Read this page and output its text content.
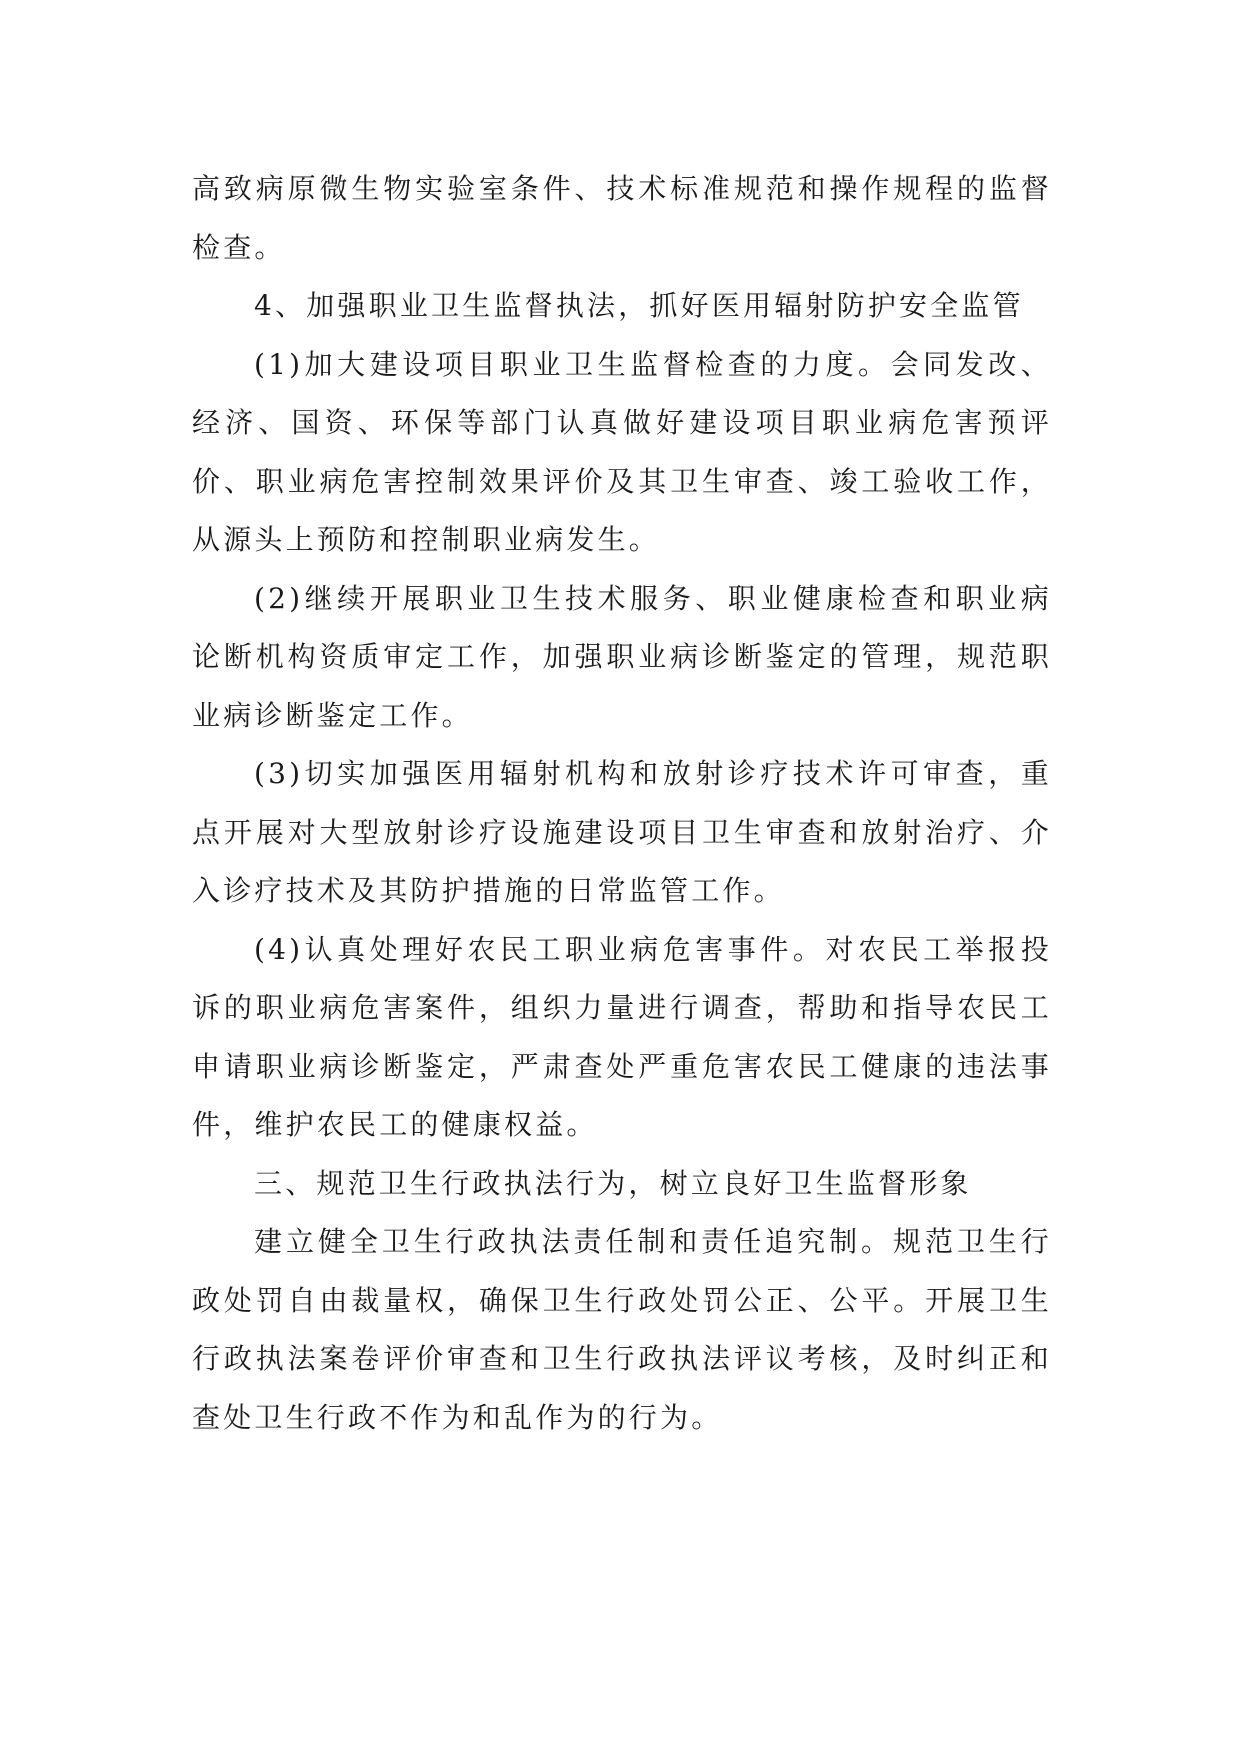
高致病原微生物实验室条件、技术标准规范和操作规程的监督检查。

4、加强职业卫生监督执法，抓好医用辐射防护安全监管

(1)加大建设项目职业卫生监督检查的力度。会同发改、经济、国资、环保等部门认真做好建设项目职业病危害预评价、职业病危害控制效果评价及其卫生审查、竣工验收工作，从源头上预防和控制职业病发生。

(2)继续开展职业卫生技术服务、职业健康检查和职业病论断机构资质审定工作，加强职业病诊断鉴定的管理，规范职业病诊断鉴定工作。

(3)切实加强医用辐射机构和放射诊疗技术许可审查，重点开展对大型放射诊疗设施建设项目卫生审查和放射治疗、介入诊疗技术及其防护措施的日常监管工作。

(4)认真处理好农民工职业病危害事件。对农民工举报投诉的职业病危害案件，组织力量进行调查，帮助和指导农民工申请职业病诊断鉴定，严肃查处严重危害农民工健康的违法事件，维护农民工的健康权益。

三、规范卫生行政执法行为，树立良好卫生监督形象

建立健全卫生行政执法责任制和责任追究制。规范卫生行政处罚自由裁量权，确保卫生行政处罚公正、公平。开展卫生行政执法案卷评价审查和卫生行政执法评议考核，及时纠正和查处卫生行政不作为和乱作为的行为。
